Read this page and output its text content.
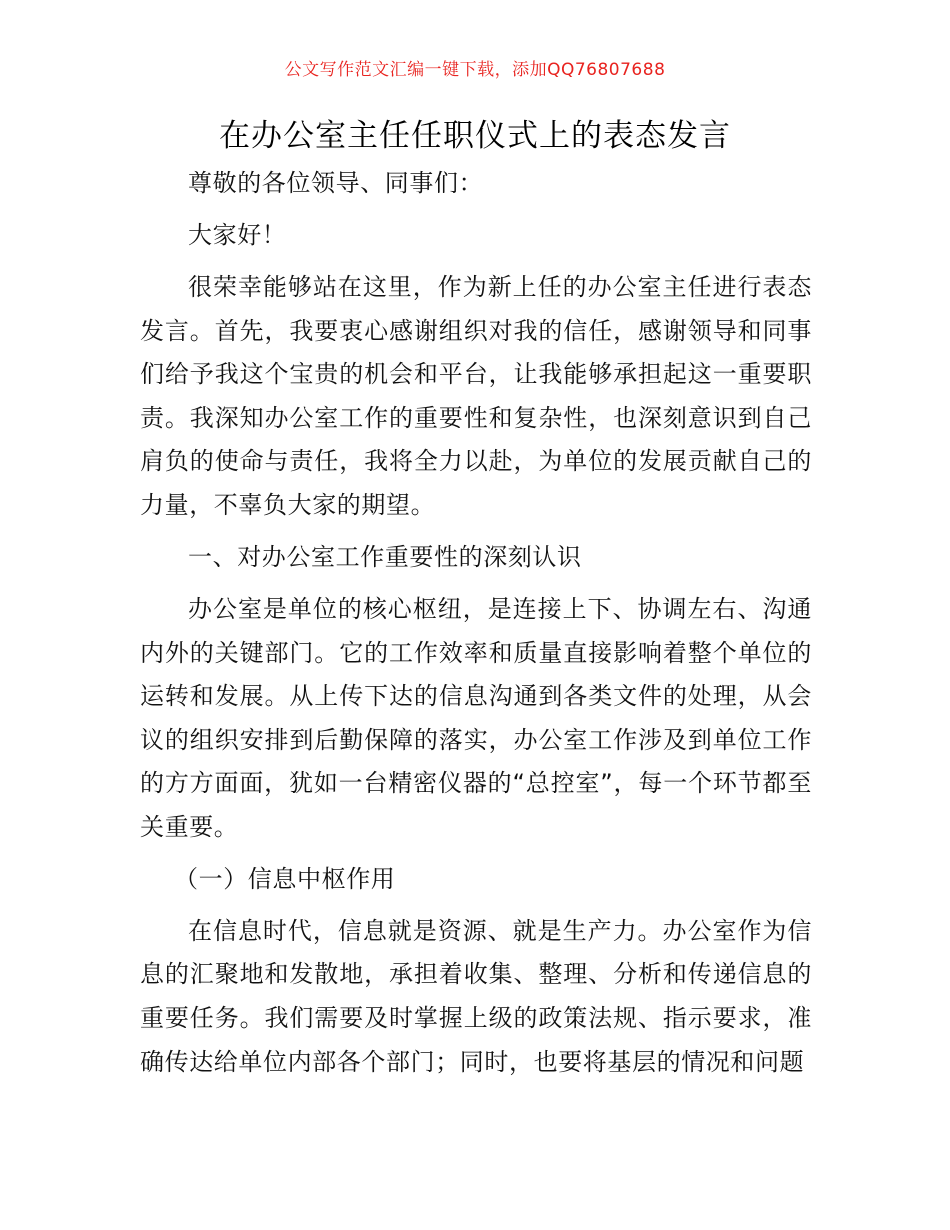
公文写作范文汇编一键下载，添加QQ76807688
在办公室主任任职仪式上的表态发言

尊敬的各位领导、同事们：

大家好！

很荣幸能够站在这里，作为新上任的办公室主任进行表态发言。首先，我要衷心感谢组织对我的信任，感谢领导和同事们给予我这个宝贵的机会和平台，让我能够承担起这一重要职责。我深知办公室工作的重要性和复杂性，也深刻意识到自己肩负的使命与责任，我将全力以赴，为单位的发展贡献自己的力量，不辜负大家的期望。

一、对办公室工作重要性的深刻认识

办公室是单位的核心枢纽，是连接上下、协调左右、沟通内外的关键部门。它的工作效率和质量直接影响着整个单位的运转和发展。从上传下达的信息沟通到各类文件的处理，从会议的组织安排到后勤保障的落实，办公室工作涉及到单位工作的方方面面，犹如一台精密仪器的“总控室”，每一个环节都至关重要。

（一）信息中枢作用

在信息时代，信息就是资源、就是生产力。办公室作为信息的汇聚地和发散地，承担着收集、整理、分析和传递信息的重要任务。我们需要及时掌握上级的政策法规、指示要求，准确传达给单位内部各个部门；同时，也要将基层的情况和问题
